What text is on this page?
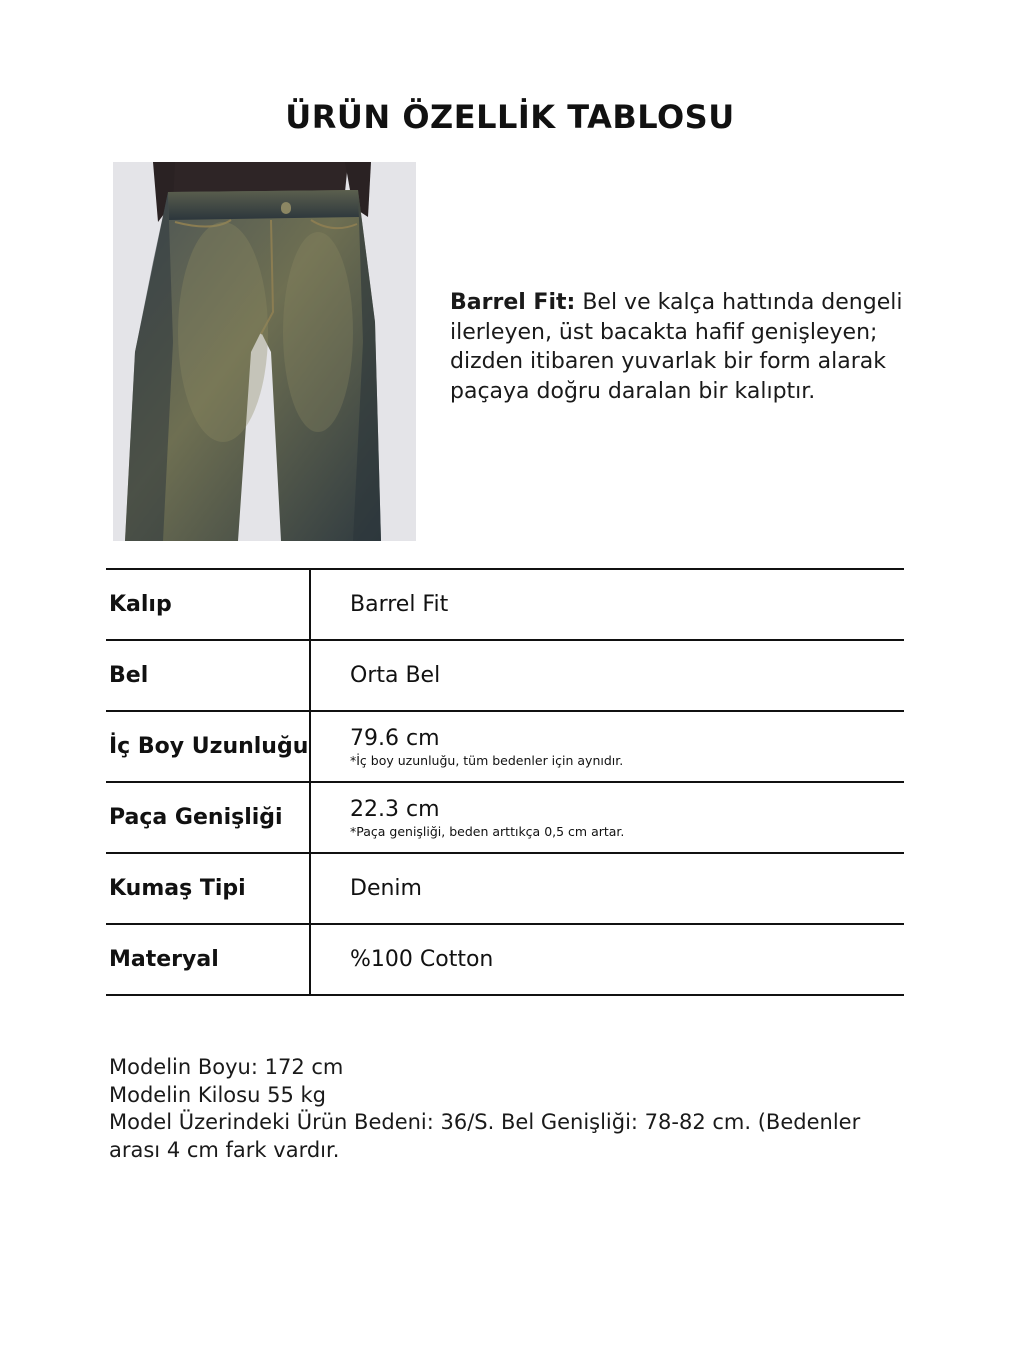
ÜRÜN ÖZELLİK TABLOSU
Barrel Fit: Bel ve kalça hattında dengeli ilerleyen, üst bacakta hafif genişleyen; dizden itibaren yuvarlak bir form alarak paçaya doğru daralan bir kalıptır.
Kalıp	Barrel Fit
Bel	Orta Bel
İç Boy Uzunluğu	79.6 cm
*İç boy uzunluğu, tüm bedenler için aynıdır.

Paça Genişliği	22.3 cm
*Paça genişliği, beden arttıkça 0,5 cm artar.

Kumaş Tipi	Denim
Materyal	%100 Cotton
Modelin Boyu: 172 cm
Modelin Kilosu 55 kg
Model Üzerindeki Ürün Bedeni: 36/S. Bel Genişliği: 78-82 cm. (Bedenler arası 4 cm fark vardır.
